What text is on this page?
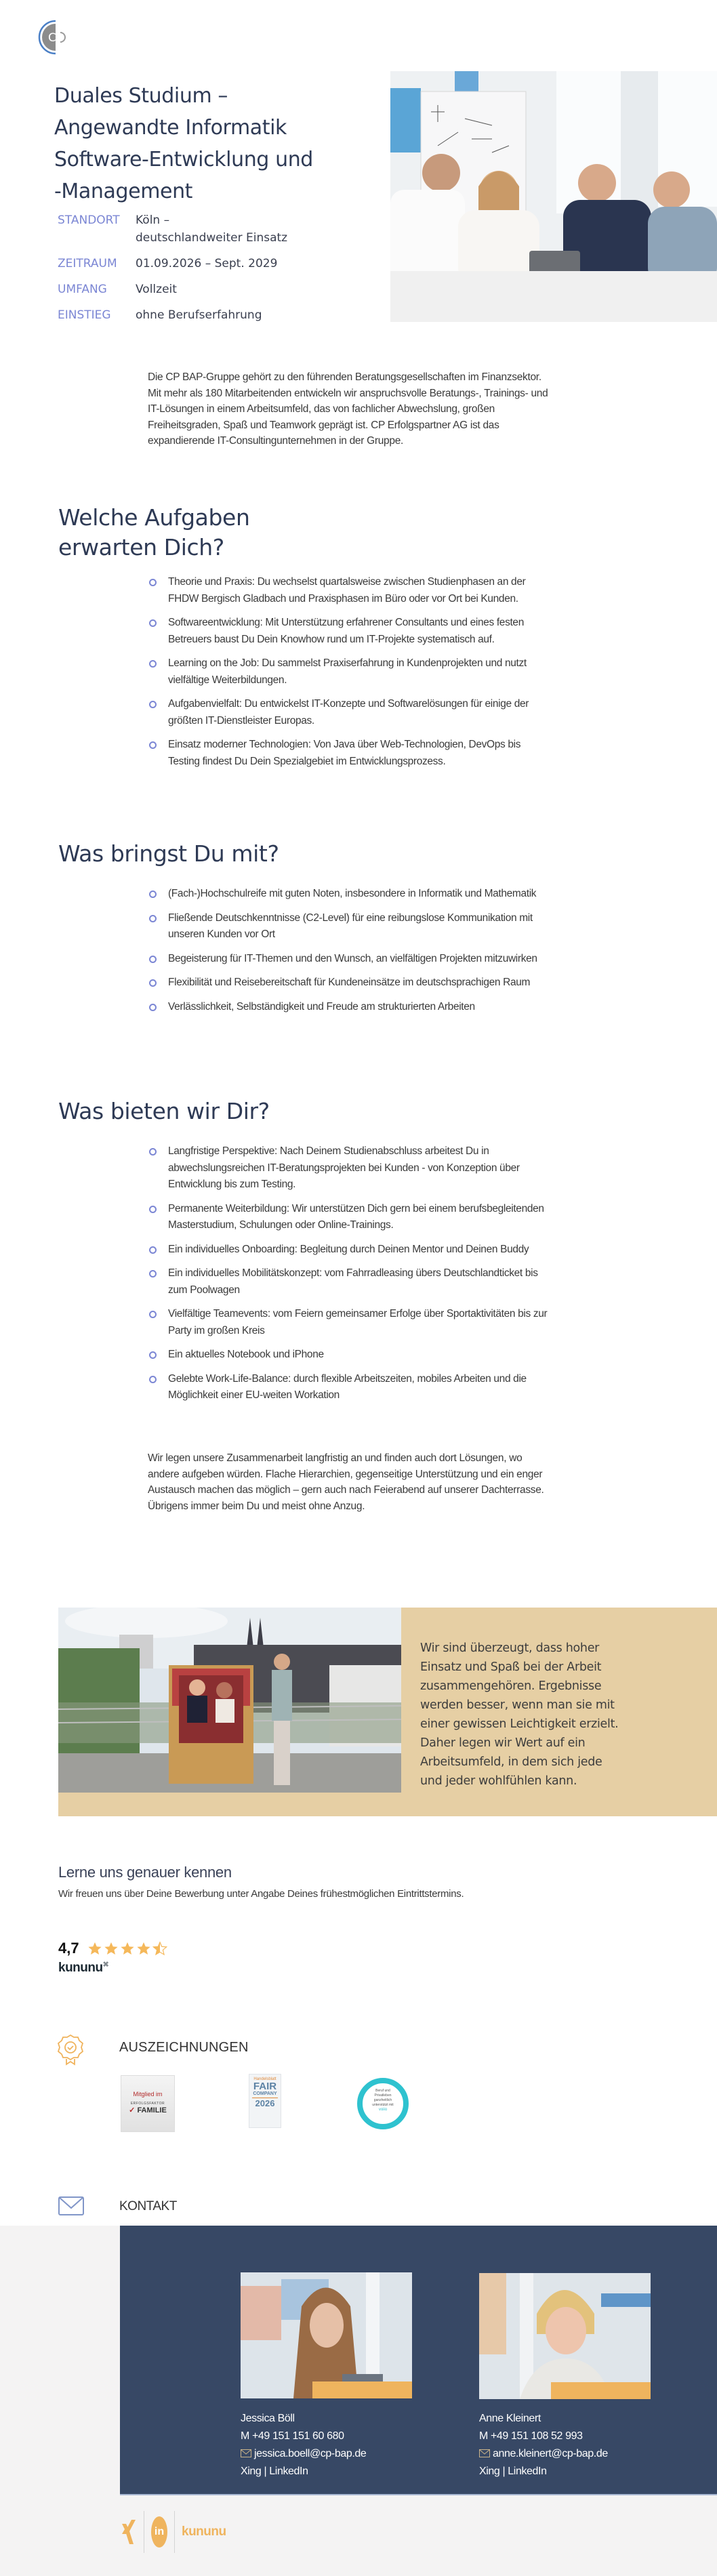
C
Duales Studium –
Angewandte Informatik
Software-Entwicklung und
-Management
STANDORT	Köln –
deutschlandweiter Einsatz
ZEITRAUM	01.09.2026 – Sept. 2029
UMFANG	Vollzeit
EINSTIEG	ohne Berufserfahrung

Die CP BAP-Gruppe gehört zu den führenden Beratungsgesellschaften im Finanzsektor. Mit mehr als 180 Mitarbeitenden entwickeln wir anspruchsvolle Beratungs-, Trainings- und IT-Lösungen in einem Arbeitsumfeld, das von fachlicher Abwechslung, großen Freiheitsgraden, Spaß und Teamwork geprägt ist. CP Erfolgspartner AG ist das expandierende IT-Consultingunternehmen in der Gruppe.

Welche Aufgaben
erwarten Dich?
Theorie und Praxis: Du wechselst quartalsweise zwischen Studienphasen an der FHDW Bergisch Gladbach und Praxisphasen im Büro oder vor Ort bei Kunden.
Softwareentwicklung: Mit Unterstützung erfahrener Consultants und eines festen Betreuers baust Du Dein Knowhow rund um IT-Projekte systematisch auf.
Learning on the Job: Du sammelst Praxiserfahrung in Kundenprojekten und nutzt vielfältige Weiterbildungen.
Aufgabenvielfalt: Du entwickelst IT-Konzepte und Softwarelösungen für einige der größten IT-Dienstleister Europas.
Einsatz moderner Technologien: Von Java über Web-Technologien, DevOps bis Testing findest Du Dein Spezialgebiet im Entwicklungsprozess.
Was bringst Du mit?
(Fach-)Hochschulreife mit guten Noten, insbesondere in Informatik und Mathematik
Fließende Deutschkenntnisse (C2-Level) für eine reibungslose Kommunikation mit unseren Kunden vor Ort
Begeisterung für IT-Themen und den Wunsch, an vielfältigen Projekten mitzuwirken
Flexibilität und Reisebereitschaft für Kundeneinsätze im deutschsprachigen Raum
Verlässlichkeit, Selbständigkeit und Freude am strukturierten Arbeiten
Was bieten wir Dir?
Langfristige Perspektive: Nach Deinem Studienabschluss arbeitest Du in abwechslungsreichen IT-Beratungsprojekten bei Kunden - von Konzeption über Entwicklung bis zum Testing.
Permanente Weiterbildung: Wir unterstützen Dich gern bei einem berufsbegleitenden Masterstudium, Schulungen oder Online-Trainings.
Ein individuelles Onboarding: Begleitung durch Deinen Mentor und Deinen Buddy
Ein individuelles Mobilitätskonzept: vom Fahrradleasing übers Deutschlandticket bis zum Poolwagen
Vielfältige Teamevents: vom Feiern gemeinsamer Erfolge über Sportaktivitäten bis zur Party im großen Kreis
Ein aktuelles Notebook und iPhone
Gelebte Work-Life-Balance: durch flexible Arbeitszeiten, mobiles Arbeiten und die Möglichkeit einer EU-weiten Workation

Wir legen unsere Zusammenarbeit langfristig an und finden auch dort Lösungen, wo andere aufgeben würden. Flache Hierarchien, gegenseitige Unterstützung und ein enger Austausch machen das möglich – gern auch nach Feierabend auf unserer Dachterrasse. Übrigens immer beim Du und meist ohne Anzug.

Wir sind überzeugt, dass hoher Einsatz und Spaß bei der Arbeit zusammengehören. Ergebnisse werden besser, wenn man sie mit einer gewissen Leichtigkeit erzielt. Daher legen wir Wert auf ein Arbeitsumfeld, in dem sich jede und jeder wohlfühlen kann.

Lerne uns genauer kennen
Wir freuen uns über Deine Bewerbung unter Angabe Deines frühestmöglichen Eintrittstermins.
4,7
kununu⌘
AUSZEICHNUNGEN
Mitglied im
ERFOLGSFAKTOR
✓ FAMILIE
Handelsblatt
FAIR
COMPANY
2026
Beruf und
Privatleben
ganzheitlich
unterstützt mit
voiio
KONTAKT
Jessica Böll
M +49 151 151 60 680
jessica.boell@cp-bap.de
Xing | LinkedIn
Anne Kleinert
M +49 151 108 52 993
anne.kleinert@cp-bap.de
Xing | LinkedIn
in kununu
